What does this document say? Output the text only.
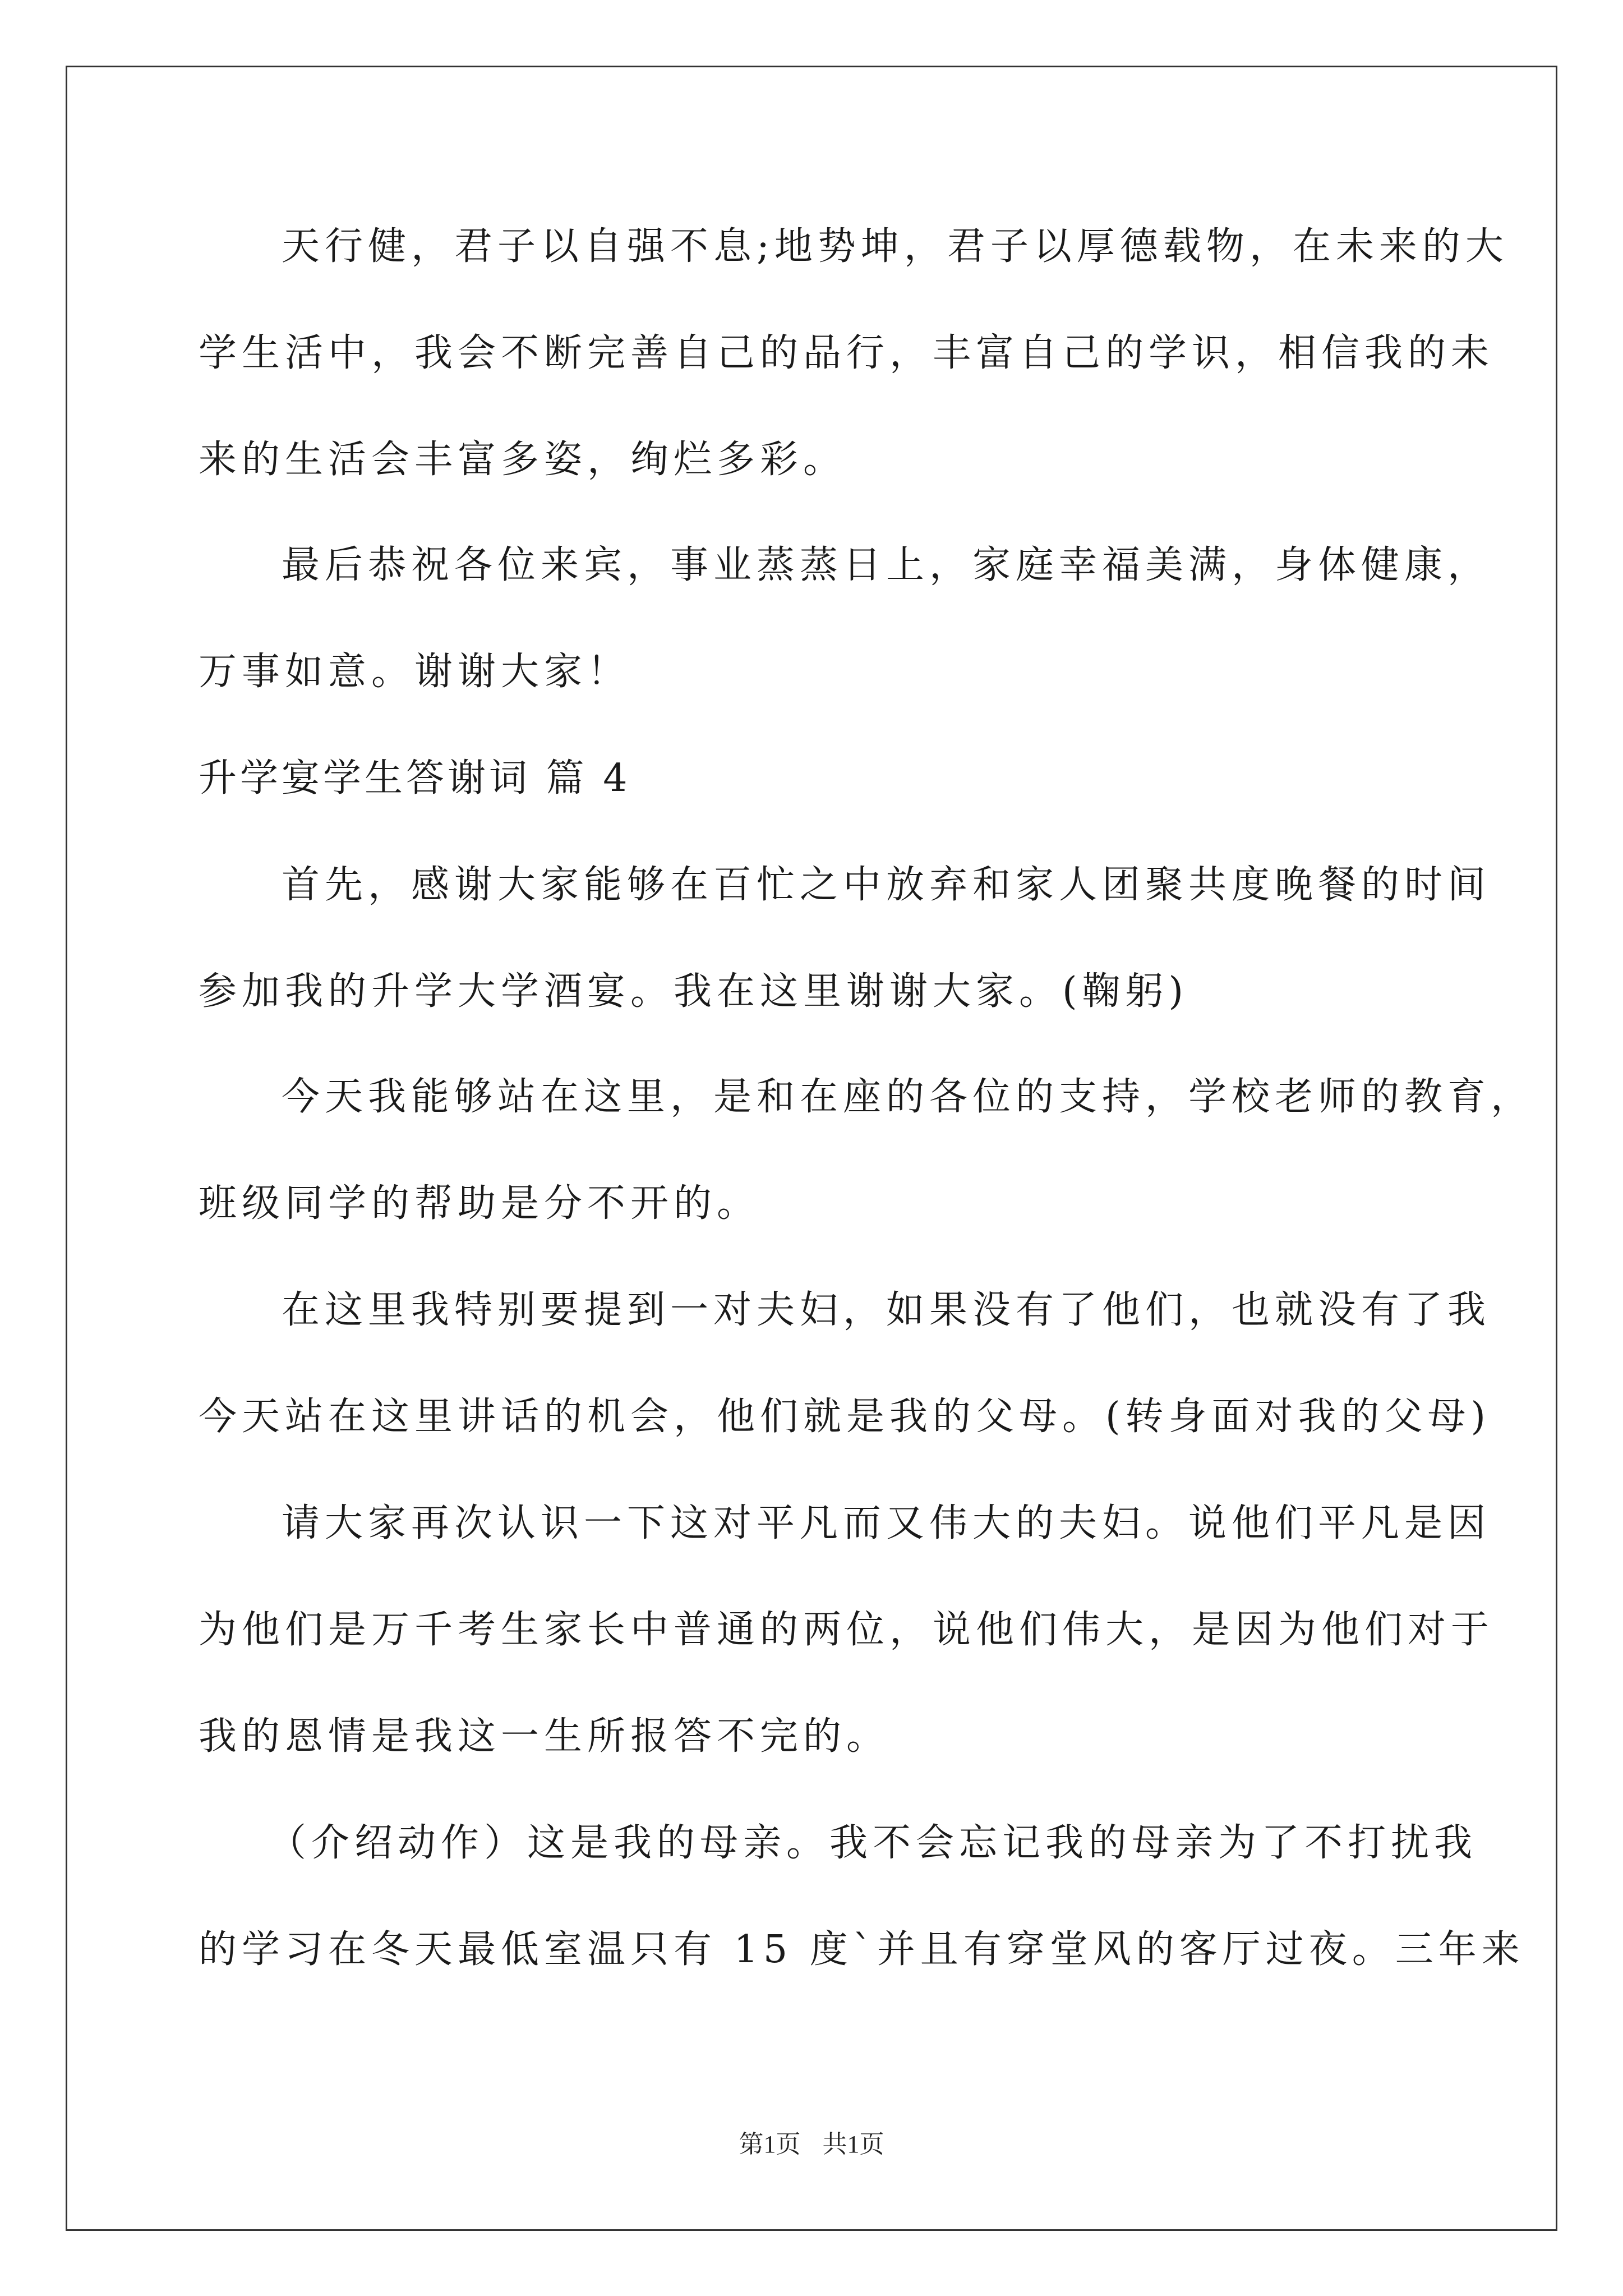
天行健，君子以自强不息;地势坤，君子以厚德载物，在未来的大
学生活中，我会不断完善自己的品行，丰富自己的学识，相信我的未
来的生活会丰富多姿，绚烂多彩。
最后恭祝各位来宾，事业蒸蒸日上，家庭幸福美满，身体健康，
万事如意。谢谢大家！
升学宴学生答谢词 篇 4
首先，感谢大家能够在百忙之中放弃和家人团聚共度晚餐的时间
参加我的升学大学酒宴。我在这里谢谢大家。(鞠躬)
今天我能够站在这里，是和在座的各位的支持，学校老师的教育，
班级同学的帮助是分不开的。
在这里我特别要提到一对夫妇，如果没有了他们，也就没有了我
今天站在这里讲话的机会，他们就是我的父母。(转身面对我的父母)
请大家再次认识一下这对平凡而又伟大的夫妇。说他们平凡是因
为他们是万千考生家长中普通的两位，说他们伟大，是因为他们对于
我的恩情是我这一生所报答不完的。
（介绍动作）这是我的母亲。我不会忘记我的母亲为了不打扰我
的学习在冬天最低室温只有 15 度`并且有穿堂风的客厅过夜。三年来
第1页 共1页
